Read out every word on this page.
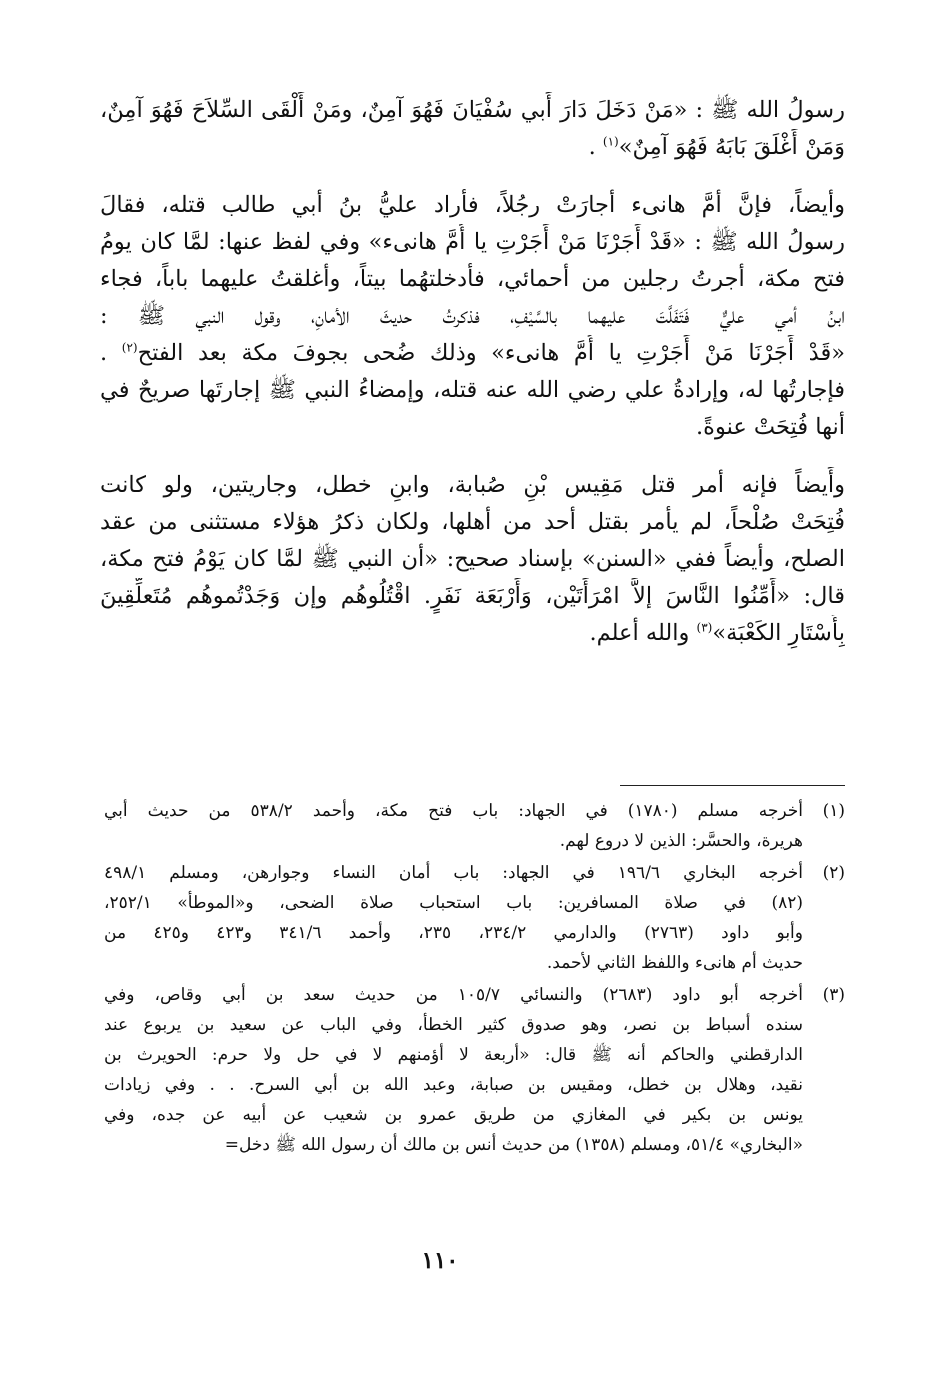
رسولُ الله ﷺ : «مَنْ دَخَلَ دَارَ أَبي سُفْيَانَ فَهُوَ آمِنٌ، ومَنْ أَلْقَى السِّلاَحَ فَهُوَ آمِنٌ،
وَمَنْ أَغْلَقَ بَابَهُ فَهُوَ آمِنٌ»$^{(١)}$ .
وأيضاً، فإنَّ أمَّ هانىء أجارَتْ رجُلاً، فأراد عليُّ بنُ أبي طالب قتله، فقالَ
رسولُ الله ﷺ : «قَدْ أَجَرْنَا مَنْ أَجَرْتِ يا أُمَّ هانىء» وفي لفظ عنها: لمَّا كان يومُ
فتح مكة، أجرتُ رجلين من أحمائي، فأدخلتهُما بيتاً، وأغلقتُ عليهما باباً، فجاء
ابنُ أمي عليٌّ فَتَفَلَّتَ عليهما بالسَّيْفِ، فذكرتُ حديثَ الأمانِ، وقول النبي ﷺ :
«قَدْ أَجَرْنَا مَنْ أَجَرْتِ يا أُمَّ هانىء» وذلك ضُحى بجوفَ مكة بعد الفتح$^{(٢)}$ .
فإجارتُها له، وإرادةُ علي رضي الله عنه قتله، وإمضاءُ النبي ﷺ إجارتَها صريحٌ في
أنها فُتِحَتْ عنوةً.
وأَيضاً فإنه أمر قتل مَقِيس بْنِ صُبابة، وابنِ خطل، وجاريتين، ولو كانت
فُتِحَتْ صُلْحاً، لم يأمر بقتل أحد من أهلها، ولكان ذكرُ هؤلاء مستثنى من عقد
الصلح، وأيضاً ففي «السنن» بإسناد صحيح: «أن النبي ﷺ لمَّا كان يَوْمُ فتح مكة،
قال: «أَمِّنُوا النَّاسَ إلاَّ امْرَأَتَيْن، وَأَرْبَعَة نَفَرٍ. اقْتُلُوهُم وإن وَجَدْتُموهُم مُتَعلِّقِينَ
بِأَسْتَارِ الكَعْبَة»$^{(٣)}$ والله أعلم.
(١)
أخرجه مسلم (١٧٨٠) في الجهاد: باب فتح مكة، وأحمد ٥٣٨/٢ من حديث أبي
هريرة، والحسَّر: الذين لا دروع لهم.
(٢)
أخرجه البخاري ١٩٦/٦ في الجهاد: باب أمان النساء وجوارهن، ومسلم ٤٩٨/١
(٨٢) في صلاة المسافرين: باب استحباب صلاة الضحى، و«الموطأ» ٢٥٢/١،
وأبو داود (٢٧٦٣) والدارمي ٢٣٤/٢، ٢٣٥، وأحمد ٣٤١/٦ و٤٢٣ و٤٢٥ من
حديث أم هانىء واللفظ الثاني لأحمد.
(٣)
أخرجه أبو داود (٢٦٨٣) والنسائي ١٠٥/٧ من حديث سعد بن أبي وقاص، وفي
سنده أسباط بن نصر، وهو صدوق كثير الخطأ، وفي الباب عن سعيد بن يربوع عند
الدارقطني والحاكم أنه ﷺ قال: «أربعة لا أؤمنهم لا في حل ولا حرم: الحويرث بن
نقيد، وهلال بن خطل، ومقيس بن صبابة، وعبد الله بن أبي السرح. . . وفي زيادات
يونس بن بكير في المغازي من طريق عمرو بن شعيب عن أبيه عن جده، وفي
«البخاري» ٥١/٤، ومسلم (١٣٥٨) من حديث أنس بن مالك أن رسول الله ﷺ دخل=
١١٠
